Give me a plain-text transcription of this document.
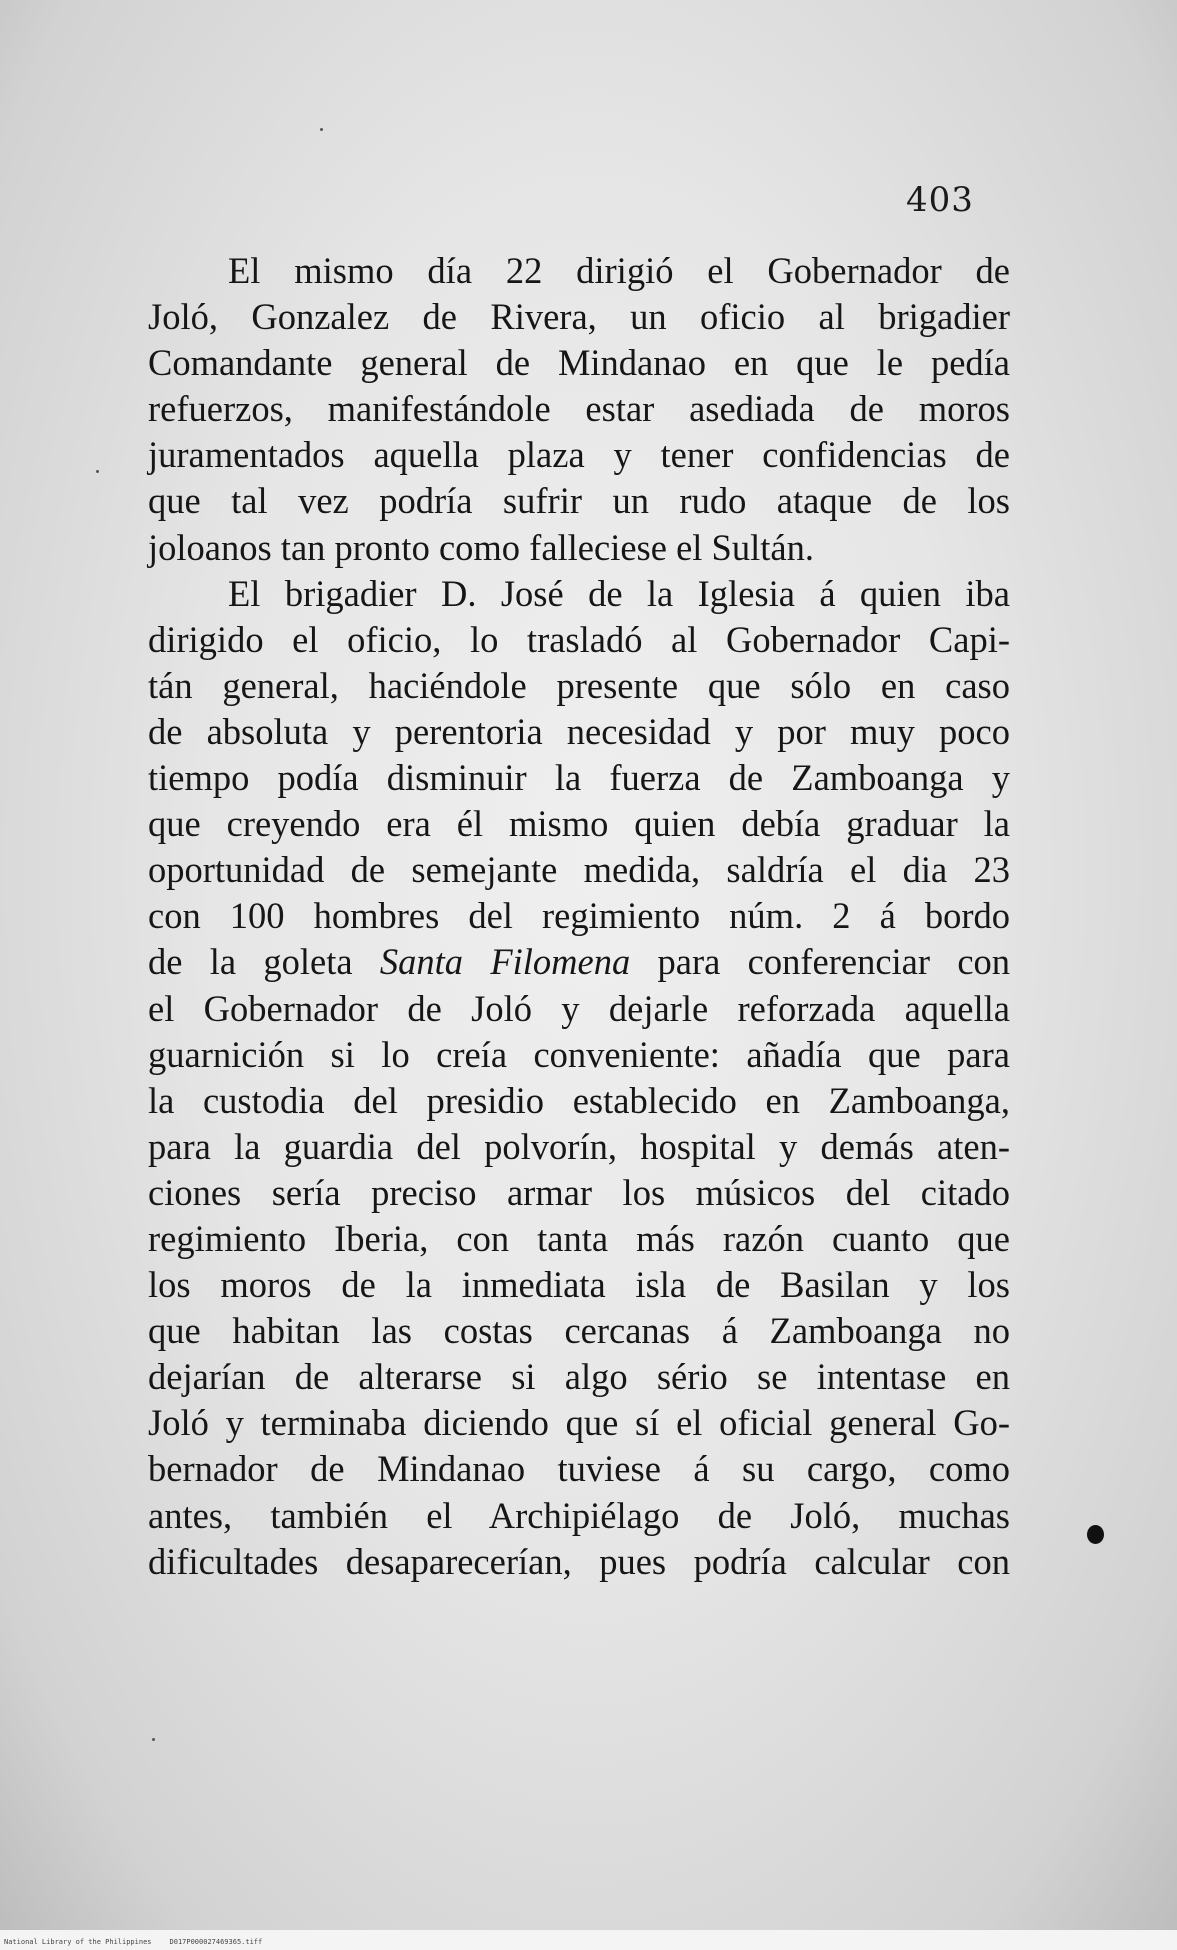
403
El mismo día 22 dirigió el Gobernador de
Joló, Gonzalez de Rivera, un oficio al brigadier
Comandante general de Mindanao en que le pedía
refuerzos, manifestándole estar asediada de moros
juramentados aquella plaza y tener confidencias de
que tal vez podría sufrir un rudo ataque de los
joloanos tan pronto como falleciese el Sultán.
El brigadier D. José de la Iglesia á quien iba
dirigido el oficio, lo trasladó al Gobernador Capi-
tán general, haciéndole presente que sólo en caso
de absoluta y perentoria necesidad y por muy poco
tiempo podía disminuir la fuerza de Zamboanga y
que creyendo era él mismo quien debía graduar la
oportunidad de semejante medida, saldría el dia 23
con 100 hombres del regimiento núm. 2 á bordo
de la goleta Santa Filomena para conferenciar con
el Gobernador de Joló y dejarle reforzada aquella
guarnición si lo creía conveniente: añadía que para
la custodia del presidio establecido en Zamboanga,
para la guardia del polvorín, hospital y demás aten-
ciones sería preciso armar los músicos del citado
regimiento Iberia, con tanta más razón cuanto que
los moros de la inmediata isla de Basilan y los
que habitan las costas cercanas á Zamboanga no
dejarían de alterarse si algo sério se intentase en
Joló y terminaba diciendo que sí el oficial general Go-
bernador de Mindanao tuviese á su cargo, como
antes, también el Archipiélago de Joló, muchas
dificultades desaparecerían, pues podría calcular con
National Library of the Philippines	D017P000027469365.tiff
